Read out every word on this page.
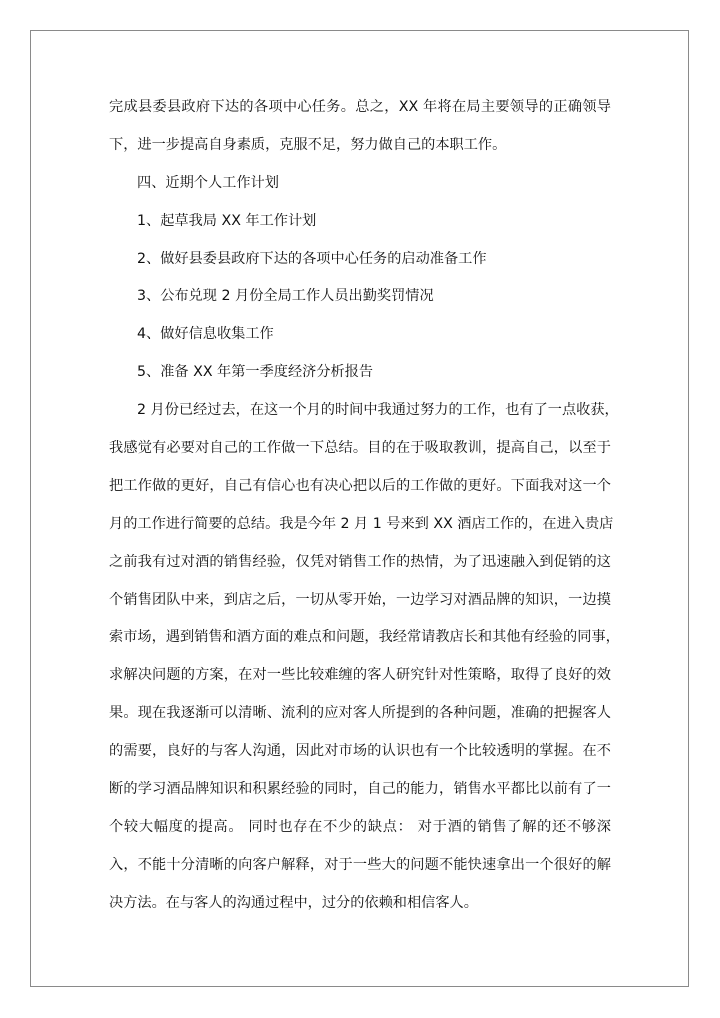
完成县委县政府下达的各项中心任务。总之，XX 年将在局主要领导的正确领导
下，进一步提高自身素质，克服不足，努力做自己的本职工作。
四、近期个人工作计划
1、起草我局 XX 年工作计划
2、做好县委县政府下达的各项中心任务的启动准备工作
3、公布兑现 2 月份全局工作人员出勤奖罚情况
4、做好信息收集工作
5、准备 XX 年第一季度经济分析报告
2 月份已经过去，在这一个月的时间中我通过努力的工作，也有了一点收获，
我感觉有必要对自己的工作做一下总结。目的在于吸取教训，提高自己，以至于
把工作做的更好，自己有信心也有决心把以后的工作做的更好。下面我对这一个
月的工作进行简要的总结。我是今年 2 月 1 号来到 XX 酒店工作的，在进入贵店
之前我有过对酒的销售经验，仅凭对销售工作的热情，为了迅速融入到促销的这
个销售团队中来，到店之后，一切从零开始，一边学习对酒品牌的知识，一边摸
索市场，遇到销售和酒方面的难点和问题，我经常请教店长和其他有经验的同事，
求解决问题的方案，在对一些比较难缠的客人研究针对性策略，取得了良好的效
果。现在我逐渐可以清晰、流利的应对客人所提到的各种问题，准确的把握客人
的需要，良好的与客人沟通，因此对市场的认识也有一个比较透明的掌握。在不
断的学习酒品牌知识和积累经验的同时，自己的能力，销售水平都比以前有了一
个较大幅度的提高。 同时也存在不少的缺点： 对于酒的销售了解的还不够深
入，不能十分清晰的向客户解释，对于一些大的问题不能快速拿出一个很好的解
决方法。在与客人的沟通过程中，过分的依赖和相信客人。
